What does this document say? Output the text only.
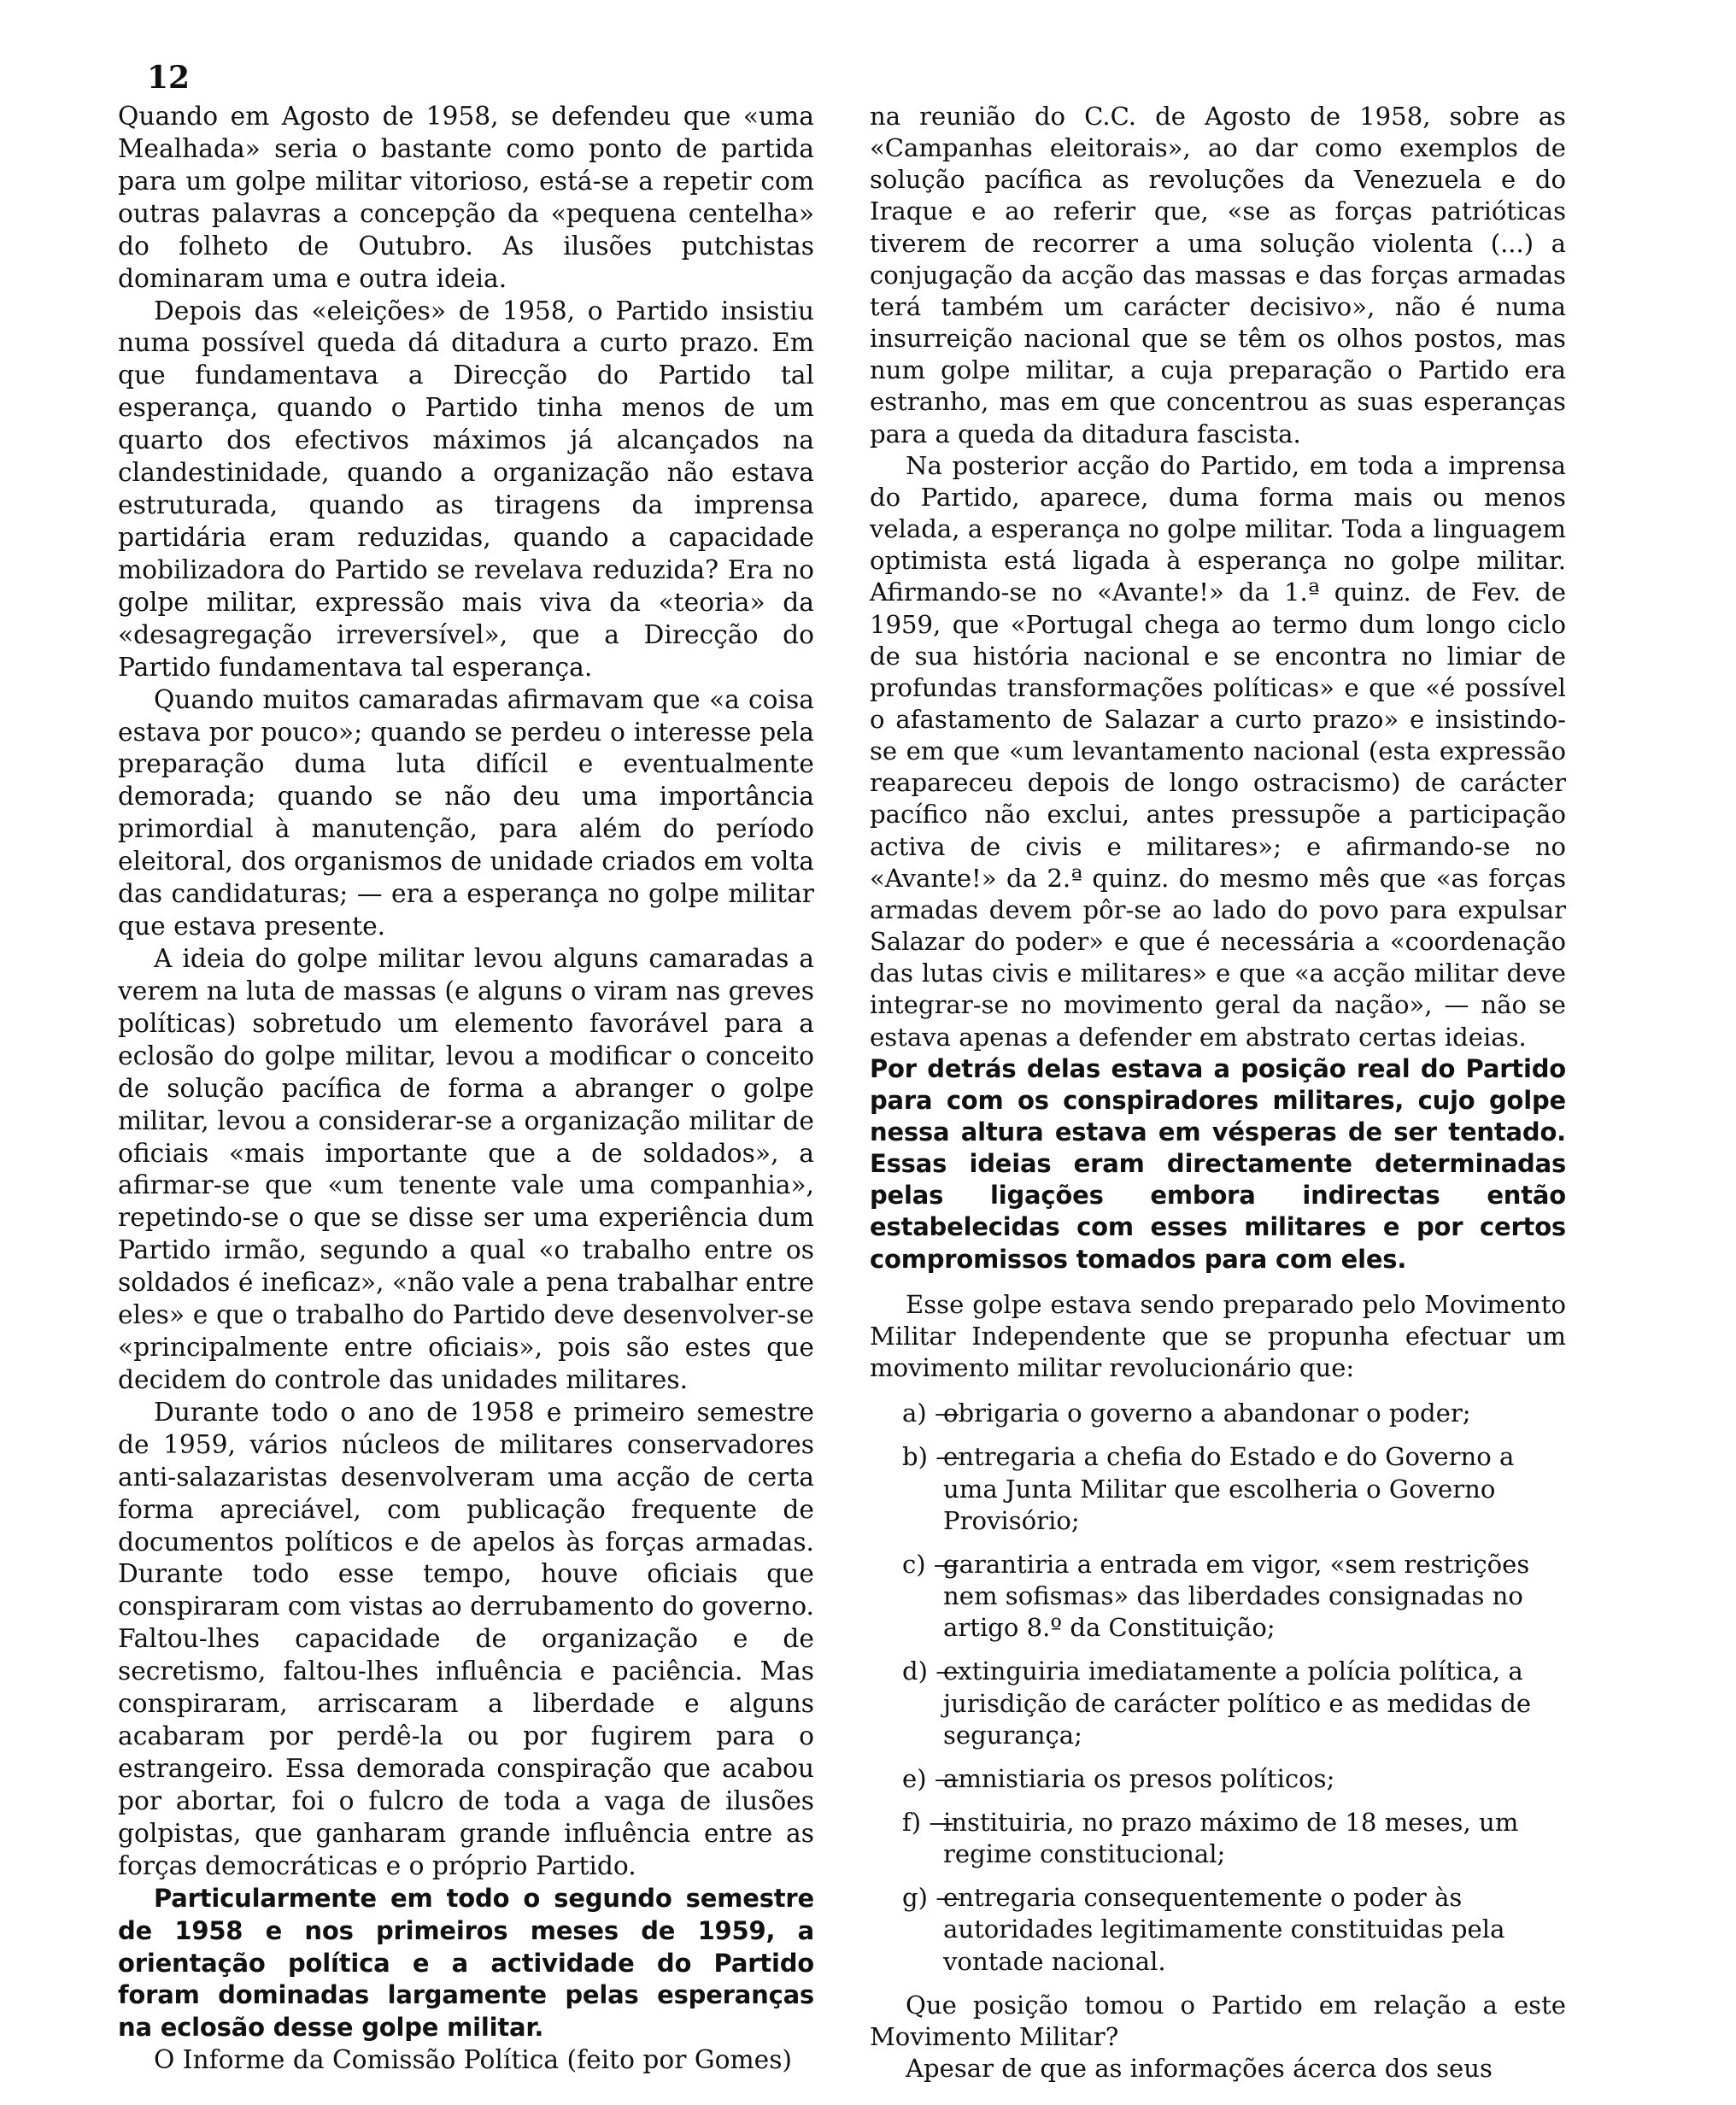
12

Quando em Agosto de 1958, se defendeu que «uma Mealhada» seria o bastante como ponto de partida para um golpe militar vitorioso, está-se a repetir com outras palavras a concepção da «pequena centelha» do folheto de Outubro. As ilusões putchistas dominaram uma e outra ideia.

Depois das «eleições» de 1958, o Partido insistiu numa possível queda dá ditadura a curto prazo. Em que fundamentava a Direcção do Partido tal esperança, quando o Partido tinha menos de um quarto dos efectivos máximos já alcançados na clandestinidade, quando a organização não estava estruturada, quando as tiragens da imprensa partidária eram reduzidas, quando a capacidade mobilizadora do Partido se revelava reduzida? Era no golpe militar, expressão mais viva da «teoria» da «desagregação irreversível», que a Direcção do Partido fundamentava tal esperança.

Quando muitos camaradas afirmavam que «a coisa estava por pouco»; quando se perdeu o interesse pela preparação duma luta difícil e eventualmente demorada; quando se não deu uma importância primordial à manutenção, para além do período eleitoral, dos organismos de unidade criados em volta das candidaturas; — era a esperança no golpe militar que estava presente.

A ideia do golpe militar levou alguns camaradas a verem na luta de massas (e alguns o viram nas greves políticas) sobretudo um elemento favorável para a eclosão do golpe militar, levou a modificar o conceito de solução pacífica de forma a abranger o golpe militar, levou a considerar-se a organização militar de oficiais «mais importante que a de soldados», a afirmar-se que «um tenente vale uma companhia», repetindo-se o que se disse ser uma experiência dum Partido irmão, segundo a qual «o trabalho entre os soldados é ineficaz», «não vale a pena trabalhar entre eles» e que o trabalho do Partido deve desenvolver-se «principalmente entre oficiais», pois são estes que decidem do controle das unidades militares.

Durante todo o ano de 1958 e primeiro semestre de 1959, vários núcleos de militares conservadores anti-salazaristas desenvolveram uma acção de certa forma apreciável, com publicação frequente de documentos políticos e de apelos às forças armadas. Durante todo esse tempo, houve oficiais que conspiraram com vistas ao derrubamento do governo. Faltou-lhes capacidade de organização e de secretismo, faltou-lhes influência e paciência. Mas conspiraram, arriscaram a liberdade e alguns acabaram por perdê-la ou por fugirem para o estrangeiro. Essa demorada conspiração que acabou por abortar, foi o fulcro de toda a vaga de ilusões golpistas, que ganharam grande influência entre as forças democráticas e o próprio Partido.

Particularmente em todo o segundo semestre de 1958 e nos primeiros meses de 1959, a orientação política e a actividade do Partido foram dominadas largamente pelas esperanças na eclosão desse golpe militar.

O Informe da Comissão Política (feito por Gomes)

na reunião do C.C. de Agosto de 1958, sobre as «Campanhas eleitorais», ao dar como exemplos de solução pacífica as revoluções da Venezuela e do Iraque e ao referir que, «se as forças patrióticas tiverem de recorrer a uma solução violenta (...) a conjugação da acção das massas e das forças armadas terá também um carácter decisivo», não é numa insurreição nacional que se têm os olhos postos, mas num golpe militar, a cuja preparação o Partido era estranho, mas em que concentrou as suas esperanças para a queda da ditadura fascista.

Na posterior acção do Partido, em toda a imprensa do Partido, aparece, duma forma mais ou menos velada, a esperança no golpe militar. Toda a linguagem optimista está ligada à esperança no golpe militar. Afirmando-se no «Avante!» da 1.ª quinz. de Fev. de 1959, que «Portugal chega ao termo dum longo ciclo de sua história nacional e se encontra no limiar de profundas transformações políticas» e que «é possível o afastamento de Salazar a curto prazo» e insistindo-se em que «um levantamento nacional (esta expressão reapareceu depois de longo ostracismo) de carácter pacífico não exclui, antes pressupõe a participação activa de civis e militares»; e afirmando-se no «Avante!» da 2.ª quinz. do mesmo mês que «as forças armadas devem pôr-se ao lado do povo para expulsar Salazar do poder» e que é necessária a «coordenação das lutas civis e militares» e que «a acção militar deve integrar-se no movimento geral da nação», — não se estava apenas a defender em abstrato certas ideias.

Por detrás delas estava a posição real do Partido para com os conspiradores militares, cujo golpe nessa altura estava em vésperas de ser tentado. Essas ideias eram directamente determinadas pelas ligações embora indirectas então estabelecidas com esses militares e por certos compromissos tomados para com eles.

Esse golpe estava sendo preparado pelo Movimento Militar Independente que se propunha efectuar um movimento militar revolucionário que:

a) —
obrigaria o governo a abandonar o poder;
b) —
entregaria a chefia do Estado e do Governo a uma Junta Militar que escolheria o Governo Provisório;
c) —
garantiria a entrada em vigor, «sem restrições nem sofismas» das liberdades consignadas no artigo 8.º da Constituição;
d) —
extinguiria imediatamente a polícia política, a jurisdição de carácter político e as medidas de segurança;
e) —
amnistiaria os presos políticos;
f) —
instituiria, no prazo máximo de 18 meses, um regime constitucional;
g) —
entregaria consequentemente o poder às autoridades legitimamente constituidas pela vontade nacional.

Que posição tomou o Partido em relação a este Movimento Militar?

Apesar de que as informações ácerca dos seus
